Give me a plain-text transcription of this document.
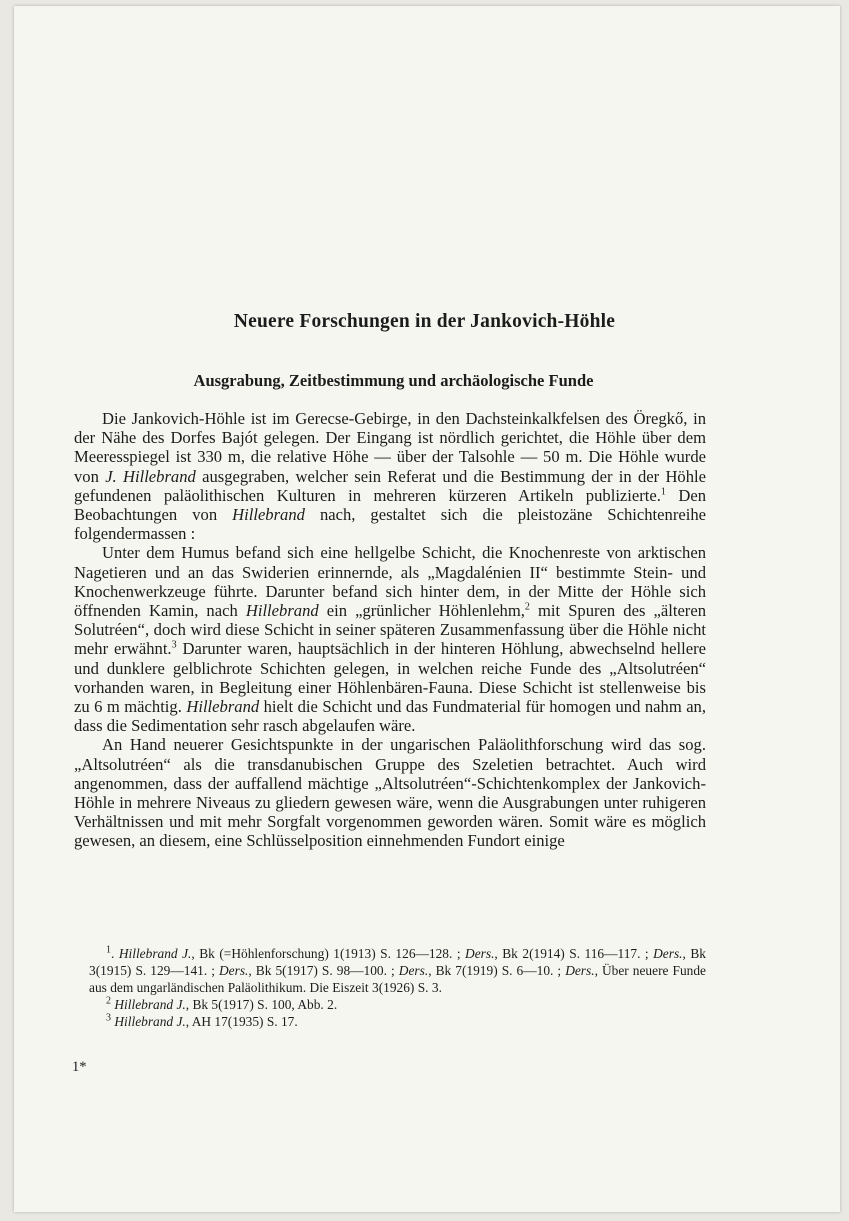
Neuere Forschungen in der Jankovich-Höhle
Ausgrabung, Zeitbestimmung und archäologische Funde

Die Jankovich-Höhle ist im Gerecse-Gebirge, in den Dachsteinkalkfelsen des Öregkő, in der Nähe des Dorfes Bajót gelegen. Der Eingang ist nördlich gerichtet, die Höhle über dem Meeresspiegel ist 330 m, die relative Höhe — über der Talsohle — 50 m. Die Höhle wurde von J. Hillebrand ausgegraben, welcher sein Referat und die Bestimmung der in der Höhle gefundenen paläolithischen Kulturen in mehreren kürzeren Artikeln publizierte.$^1$ Den Beobachtungen von Hillebrand nach, gestaltet sich die pleistozäne Schichtenreihe folgendermassen :

Unter dem Humus befand sich eine hellgelbe Schicht, die Knochenreste von arktischen Nagetieren und an das Swiderien erinnernde, als „Magdalénien II“ bestimmte Stein- und Knochenwerkzeuge führte. Darunter befand sich hinter dem, in der Mitte der Höhle sich öffnenden Kamin, nach Hillebrand ein „grünlicher Höhlenlehm,$^2$ mit Spuren des „älteren Solutréen“, doch wird diese Schicht in seiner späteren Zusammenfassung über die Höhle nicht mehr erwähnt.$^3$ Darunter waren, hauptsächlich in der hinteren Höhlung, abwechselnd hellere und dunklere gelblichrote Schichten gelegen, in welchen reiche Funde des „Altsolutréen“ vorhanden waren, in Begleitung einer Höhlenbären-Fauna. Diese Schicht ist stellenweise bis zu 6 m mächtig. Hillebrand hielt die Schicht und das Fundmaterial für homogen und nahm an, dass die Sedimentation sehr rasch abgelaufen wäre.

An Hand neuerer Gesichtspunkte in der ungarischen Paläolithforschung wird das sog. „Altsolutréen“ als die transdanubischen Gruppe des Szeletien betrachtet. Auch wird angenommen, dass der auffallend mächtige „Altsolutréen“-Schichtenkomplex der Jankovich-Höhle in mehrere Niveaus zu gliedern gewesen wäre, wenn die Ausgrabungen unter ruhigeren Verhältnissen und mit mehr Sorgfalt vorgenommen geworden wären. Somit wäre es möglich gewesen, an diesem, eine Schlüsselposition einnehmenden Fundort einige

$^1$. Hillebrand J., Bk (=Höhlenforschung) 1(1913) S. 126—128. ; Ders., Bk 2(1914) S. 116—117. ; Ders., Bk 3(1915) S. 129—141. ; Ders., Bk 5(1917) S. 98—100. ; Ders., Bk 7(1919) S. 6—10. ; Ders., Über neuere Funde aus dem ungarländischen Paläolithikum. Die Eiszeit 3(1926) S. 3.

$^2$ Hillebrand J., Bk 5(1917) S. 100, Abb. 2.

$^3$ Hillebrand J., AH 17(1935) S. 17.

1*
